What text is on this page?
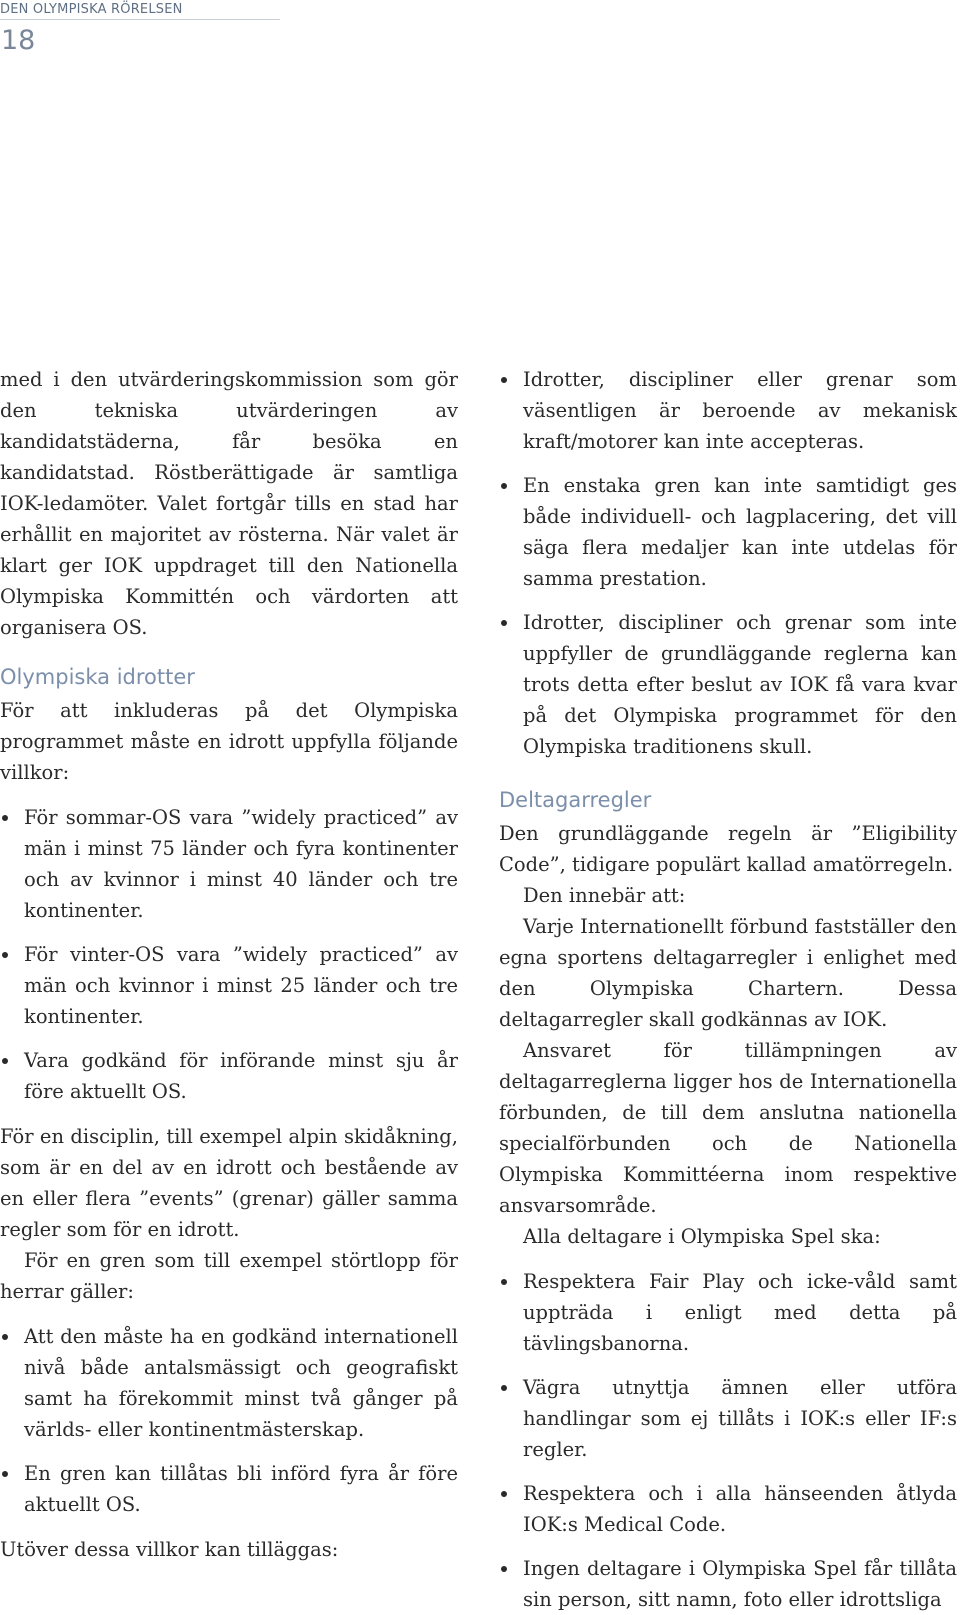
DEN OLYMPISKA RÖRELSEN
18

med i den utvärderingskommission som gör den tekniska utvärderingen av kandidatstäderna, får besöka en kandidatstad. Röstberättigade är samtliga IOK-ledamöter. Valet fortgår tills en stad har erhållit en majoritet av rösterna. När valet är klart ger IOK uppdraget till den Nationella Olympiska Kommittén och värdorten att organisera OS.

Olympiska idrotter

För att inkluderas på det Olympiska programmet måste en idrott uppfylla följande villkor:

För sommar-OS vara ”widely practiced” av män i minst 75 länder och fyra kontinenter och av kvinnor i minst 40 länder och tre kontinenter.
För vinter-OS vara ”widely practiced” av män och kvinnor i minst 25 länder och tre kontinenter.
Vara godkänd för införande minst sju år före aktuellt OS.

För en disciplin, till exempel alpin skidåkning, som är en del av en idrott och bestående av en eller flera ”events” (grenar) gäller samma regler som för en idrott.

För en gren som till exempel störtlopp för herrar gäller:

Att den måste ha en godkänd internationell nivå både antalsmässigt och geografiskt samt ha förekommit minst två gånger på världs- eller kontinentmästerskap.
En gren kan tillåtas bli införd fyra år före aktuellt OS.

Utöver dessa villkor kan tilläggas:

Idrotter, discipliner eller grenar som väsentligen är beroende av mekanisk kraft/motorer kan inte accepteras.
En enstaka gren kan inte samtidigt ges både individuell- och lagplacering, det vill säga flera medaljer kan inte utdelas för samma prestation.
Idrotter, discipliner och grenar som inte uppfyller de grundläggande reglerna kan trots detta efter beslut av IOK få vara kvar på det Olympiska programmet för den Olympiska traditionens skull.
Deltagarregler

Den grundläggande regeln är ”Eligibility Code”, tidigare populärt kallad amatörregeln.

Den innebär att:

Varje Internationellt förbund fastställer den egna sportens deltagarregler i enlighet med den Olympiska Chartern. Dessa deltagarregler skall godkännas av IOK.

Ansvaret för tillämpningen av deltagarreglerna ligger hos de Internationella förbunden, de till dem anslutna nationella specialförbunden och de Nationella Olympiska Kommittéerna inom respektive ansvarsområde.

Alla deltagare i Olympiska Spel ska:

Respektera Fair Play och icke-våld samt uppträda i enligt med detta på tävlingsbanorna.
Vägra utnyttja ämnen eller utföra handlingar som ej tillåts i IOK:s eller IF:s regler.
Respektera och i alla hänseenden åtlyda IOK:s Medical Code.
Ingen deltagare i Olympiska Spel får tillåta sin person, sitt namn, foto eller idrottsliga
